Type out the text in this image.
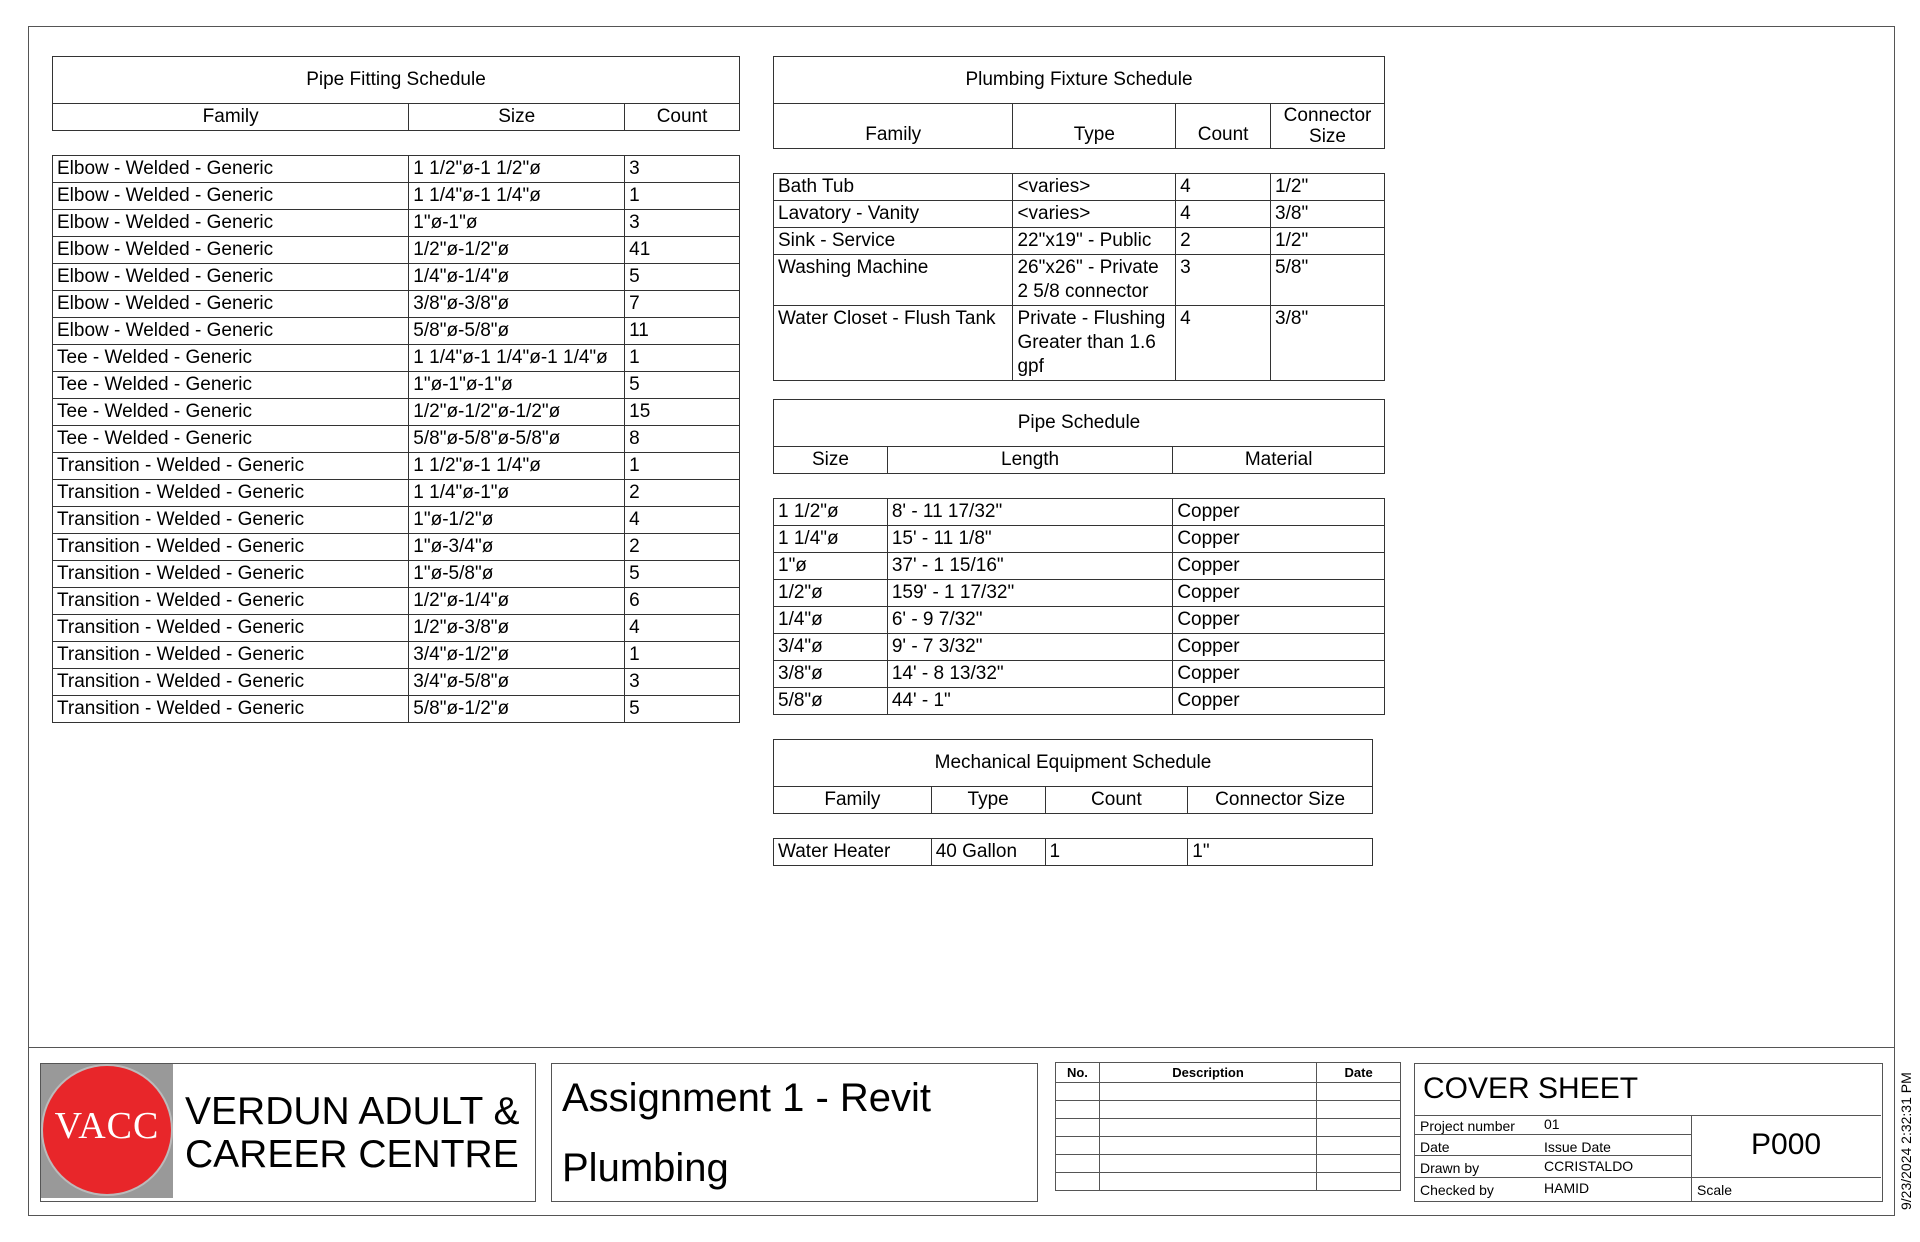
9/23/2024 2:32:31 PM
Pipe Fitting Schedule		
Family	Size	Count

Elbow - Welded - Generic	1 1/2"ø-1 1/2"ø	3
Elbow - Welded - Generic	1 1/4"ø-1 1/4"ø	1
Elbow - Welded - Generic	1"ø-1"ø	3
Elbow - Welded - Generic	1/2"ø-1/2"ø	41
Elbow - Welded - Generic	1/4"ø-1/4"ø	5
Elbow - Welded - Generic	3/8"ø-3/8"ø	7
Elbow - Welded - Generic	5/8"ø-5/8"ø	11
Tee - Welded - Generic	1 1/4"ø-1 1/4"ø-1 1/4"ø	1
Tee - Welded - Generic	1"ø-1"ø-1"ø	5
Tee - Welded - Generic	1/2"ø-1/2"ø-1/2"ø	15
Tee - Welded - Generic	5/8"ø-5/8"ø-5/8"ø	8
Transition - Welded - Generic	1 1/2"ø-1 1/4"ø	1
Transition - Welded - Generic	1 1/4"ø-1"ø	2
Transition - Welded - Generic	1"ø-1/2"ø	4
Transition - Welded - Generic	1"ø-3/4"ø	2
Transition - Welded - Generic	1"ø-5/8"ø	5
Transition - Welded - Generic	1/2"ø-1/4"ø	6
Transition - Welded - Generic	1/2"ø-3/8"ø	4
Transition - Welded - Generic	3/4"ø-1/2"ø	1
Transition - Welded - Generic	3/4"ø-5/8"ø	3
Transition - Welded - Generic	5/8"ø-1/2"ø	5
Plumbing Fixture Schedule			
Family	Type	Count	Connector Size

Bath Tub	<varies>	4	1/2"
Lavatory - Vanity	<varies>	4	3/8"
Sink - Service	22"x19" - Public	2	1/2"
Washing Machine	26"x26" - Private 2 5/8 connector	3	5/8"
Water Closet - Flush Tank	Private - Flushing Greater than 1.6 gpf	4	3/8"
Pipe Schedule		
Size	Length	Material

1 1/2"ø	8' - 11 17/32"	Copper
1 1/4"ø	15' - 11 1/8"	Copper
1"ø	37' - 1 15/16"	Copper
1/2"ø	159' - 1 17/32"	Copper
1/4"ø	6' - 9 7/32"	Copper
3/4"ø	9' - 7 3/32"	Copper
3/8"ø	14' - 8 13/32"	Copper
5/8"ø	44' - 1"	Copper
Mechanical Equipment Schedule			
Family	Type	Count	Connector Size

Water Heater	40 Gallon	1	1"
VACC VERDUN ADULT &
CAREER CENTRE
Assignment 1 - Revit
Plumbing
No.	Description	Date

		COVER SHEET
Project number 01
Date	Issue Date
Drawn by	CCRISTALDO
Checked by	HAMID	Scale
P000
